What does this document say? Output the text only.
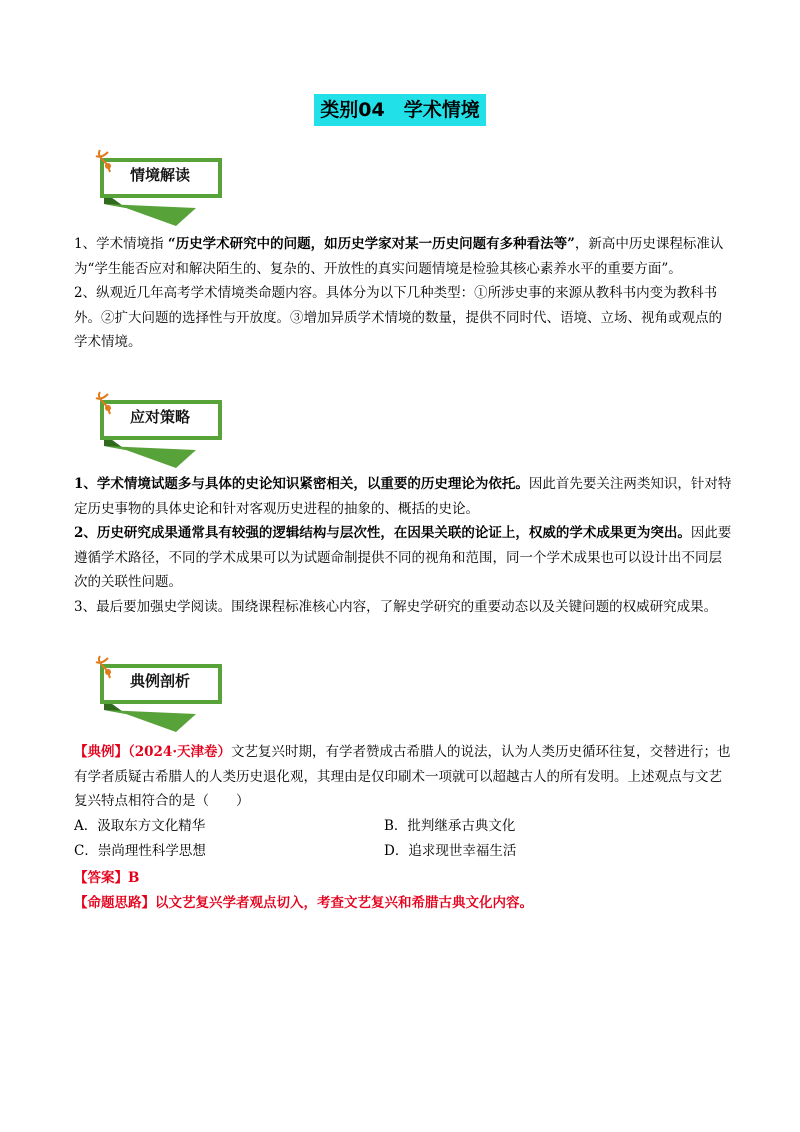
类别04　学术情境
情境解读

1、学术情境指 “历史学术研究中的问题，如历史学家对某一历史问题有多种看法等”，新高中历史课程标准认为“学生能否应对和解决陌生的、复杂的、开放性的真实问题情境是检验其核心素养水平的重要方面”。

2、纵观近几年高考学术情境类命题内容。具体分为以下几种类型：①所涉史事的来源从教科书内变为教科书外。②扩大问题的选择性与开放度。③增加异质学术情境的数量，提供不同时代、语境、立场、视角或观点的学术情境。

应对策略

1、学术情境试题多与具体的史论知识紧密相关，以重要的历史理论为依托。因此首先要关注两类知识，针对特定历史事物的具体史论和针对客观历史进程的抽象的、概括的史论。

2、历史研究成果通常具有较强的逻辑结构与层次性，在因果关联的论证上，权威的学术成果更为突出。因此要遵循学术路径，不同的学术成果可以为试题命制提供不同的视角和范围，同一个学术成果也可以设计出不同层次的关联性问题。

3、最后要加强史学阅读。围绕课程标准核心内容，了解史学研究的重要动态以及关键问题的权威研究成果。

典例剖析

【典例】（2024·天津卷）文艺复兴时期，有学者赞成古希腊人的说法，认为人类历史循环往复，交替进行；也有学者质疑古希腊人的人类历史退化观，其理由是仅印刷术一项就可以超越古人的所有发明。上述观点与文艺复兴特点相符合的是（　　）

A．汲取东方文化精华	B．批判继承古典文化
C．崇尚理性科学思想	D．追求现世幸福生活

【答案】B

【命题思路】以文艺复兴学者观点切入，考查文艺复兴和希腊古典文化内容。
